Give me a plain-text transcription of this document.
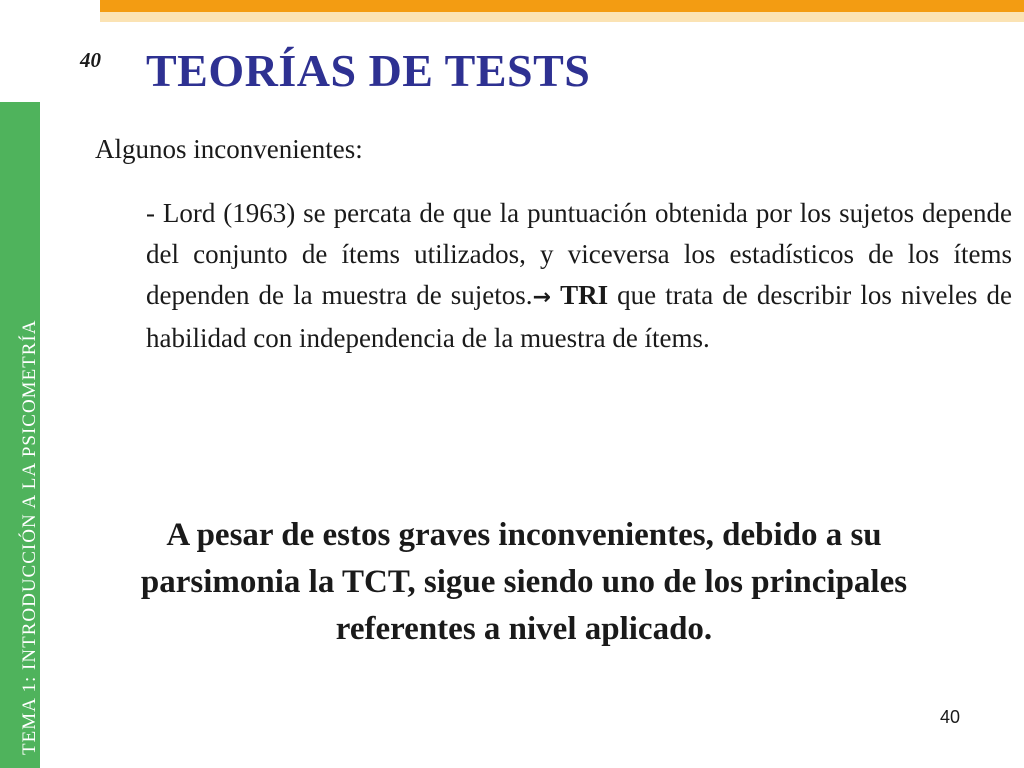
TEMA 1: INTRODUCCIÓN A LA PSICOMETRÍA
40 TEORÍAS DE TESTS
Algunos inconvenientes:
- Lord (1963) se percata de que la puntuación obtenida por los sujetos depende del conjunto de ítems utilizados, y viceversa los estadísticos de los ítems dependen de la muestra de sujetos.→ TRI que trata de describir los niveles de habilidad con independencia de la muestra de ítems.
A pesar de estos graves inconvenientes, debido a su parsimonia la TCT, sigue siendo uno de los principales referentes a nivel aplicado.
40
